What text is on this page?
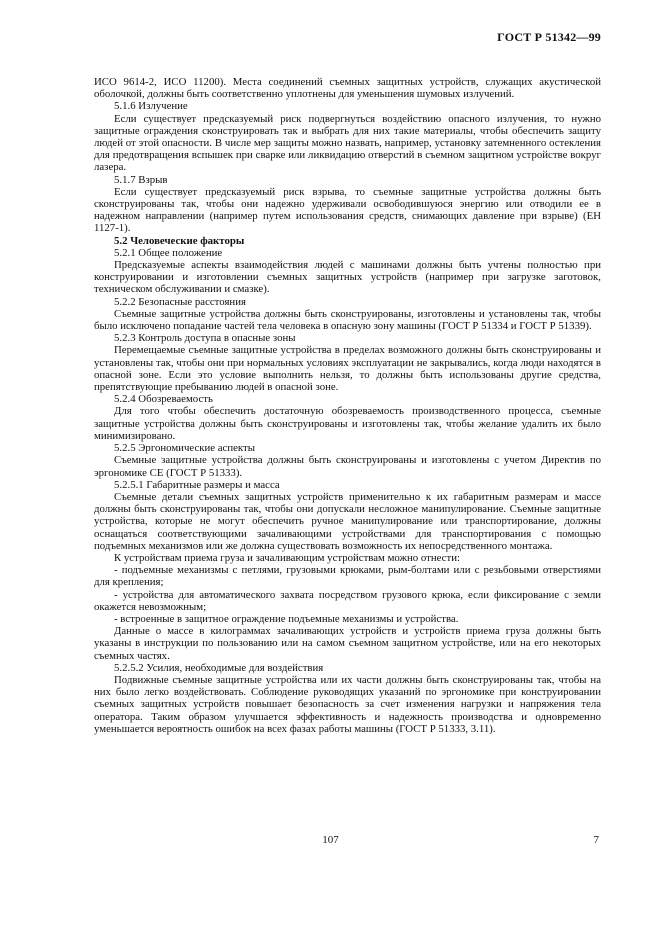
ГОСТ Р 51342—99

ИСО 9614-2, ИСО 11200). Места соединений съемных защитных устройств, служащих акустической оболочкой, должны быть соответственно уплотнены для уменьшения шумовых излучений.

5.1.6 Излучение

Если существует предсказуемый риск подвергнуться воздействию опасного излучения, то нужно защитные ограждения сконструировать так и выбрать для них такие материалы, чтобы обеспечить защиту людей от этой опасности. В числе мер защиты можно назвать, например, установку затемненного остекления для предотвращения вспышек при сварке или ликвидацию отверстий в съемном защитном устройстве вокруг лазера.

5.1.7 Взрыв

Если существует предсказуемый риск взрыва, то съемные защитные устройства должны быть сконструированы так, чтобы они надежно удерживали освободившуюся энергию или отводили ее в надежном направлении (например путем использования средств, снимающих давление при взрыве) (ЕН 1127-1).

5.2 Человеческие факторы

5.2.1 Общее положение

Предсказуемые аспекты взаимодействия людей с машинами должны быть учтены полностью при конструировании и изготовлении съемных защитных устройств (например при загрузке заготовок, техническом обслуживании и смазке).

5.2.2 Безопасные расстояния

Съемные защитные устройства должны быть сконструированы, изготовлены и установлены так, чтобы было исключено попадание частей тела человека в опасную зону машины (ГОСТ Р 51334 и ГОСТ Р 51339).

5.2.3 Контроль доступа в опасные зоны

Перемещаемые съемные защитные устройства в пределах возможного должны быть сконструированы и установлены так, чтобы они при нормальных условиях эксплуатации не закрывались, когда люди находятся в опасной зоне. Если это условие выполнить нельзя, то должны быть использованы другие средства, препятствующие пребыванию людей в опасной зоне.

5.2.4 Обозреваемость

Для того чтобы обеспечить достаточную обозреваемость производственного процесса, съемные защитные устройства должны быть сконструированы и изготовлены так, чтобы желание удалить их было минимизировано.

5.2.5 Эргономические аспекты

Съемные защитные устройства должны быть сконструированы и изготовлены с учетом Директив по эргономике СЕ (ГОСТ Р 51333).

5.2.5.1 Габаритные размеры и масса

Съемные детали съемных защитных устройств применительно к их габаритным размерам и массе должны быть сконструированы так, чтобы они допускали несложное манипулирование. Съемные защитные устройства, которые не могут обеспечить ручное манипулирование или транспортирование, должны оснащаться соответствующими зачаливающими устройствами для транспортирования с помощью подъемных механизмов или же должна существовать возможность их непосредственного монтажа.

К устройствам приема груза и зачаливающим устройствам можно отнести:

- подъемные механизмы с петлями, грузовыми крюками, рым-болтами или с резьбовыми отверстиями для крепления;

- устройства для автоматического захвата посредством грузового крюка, если фиксирование с земли окажется невозможным;

- встроенные в защитное ограждение подъемные механизмы и устройства.

Данные о массе в килограммах зачаливающих устройств и устройств приема груза должны быть указаны в инструкции по пользованию или на самом съемном защитном устройстве, или на его некоторых съемных частях.

5.2.5.2 Усилия, необходимые для воздействия

Подвижные съемные защитные устройства или их части должны быть сконструированы так, чтобы на них было легко воздействовать. Соблюдение руководящих указаний по эргономике при конструировании съемных защитных устройств повышает безопасность за счет изменения нагрузки и напряжения тела оператора. Таким образом улучшается эффективность и надежность производства и одновременно уменьшается вероятность ошибок на всех фазах работы машины (ГОСТ Р 51333, 3.11).

107	7
